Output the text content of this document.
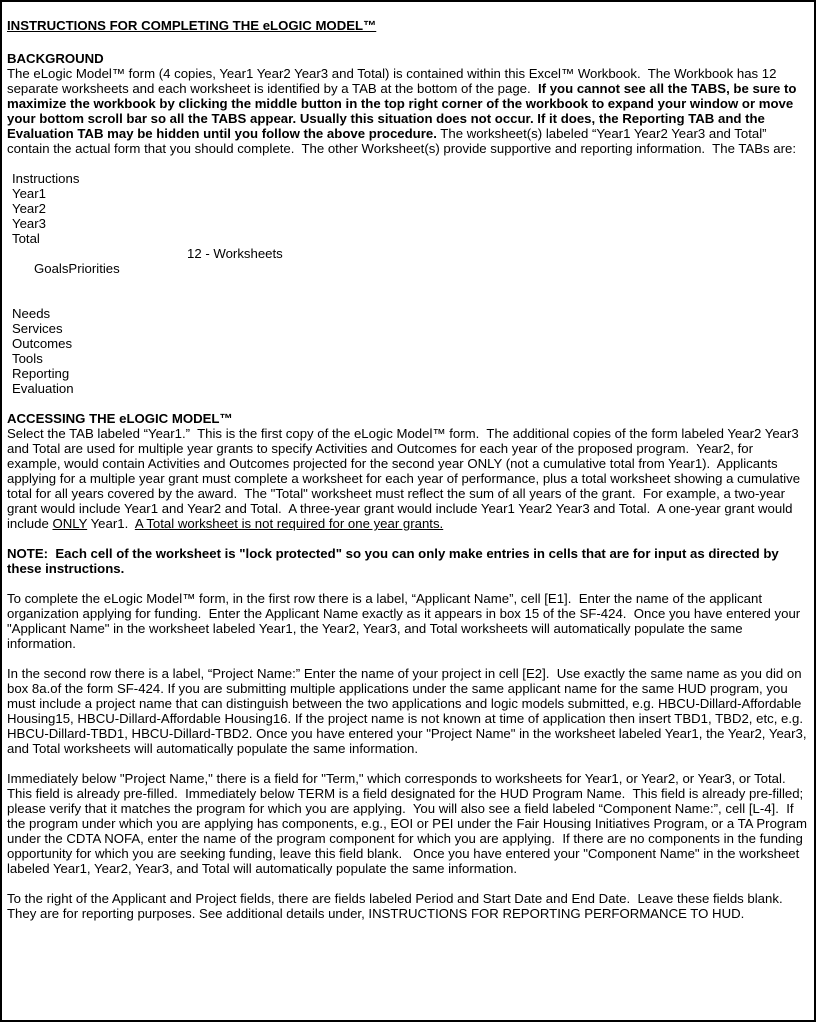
INSTRUCTIONS FOR COMPLETING THE eLOGIC MODEL™
BACKGROUND

The eLogic Model™ form (4 copies, Year1 Year2 Year3 and Total) is contained within this Excel™ Workbook.  The Workbook has 12 separate worksheets and each worksheet is identified by a TAB at the bottom of the page.  If you cannot see all the TABS, be sure to maximize the workbook by clicking the middle button in the top right corner of the workbook to expand your window or move your bottom scroll bar so all the TABS appear. Usually this situation does not occur. If it does, the Reporting TAB and the Evaluation TAB may be hidden until you follow the above procedure. The worksheet(s) labeled “Year1 Year2 Year3 and Total” contain the actual form that you should complete.  The other Worksheet(s) provide supportive and reporting information.  The TABs are:

Instructions
Year1
Year2
Year3
Total

GoalsPriorities

12 - Worksheets

Needs
Services
Outcomes
Tools
Reporting
Evaluation
ACCESSING THE eLOGIC MODEL™

Select the TAB labeled “Year1.”  This is the first copy of the eLogic Model™ form.  The additional copies of the form labeled Year2 Year3 and Total are used for multiple year grants to specify Activities and Outcomes for each year of the proposed program.  Year2, for example, would contain Activities and Outcomes projected for the second year ONLY (not a cumulative total from Year1).  Applicants applying for a multiple year grant must complete a worksheet for each year of performance, plus a total worksheet showing a cumulative total for all years covered by the award.  The "Total" worksheet must reflect the sum of all years of the grant.  For example, a two-year grant would include Year1 and Year2 and Total.  A three-year grant would include Year1 Year2 Year3 and Total.  A one-year grant would include ONLY Year1.  A Total worksheet is not required for one year grants.

NOTE:  Each cell of the worksheet is "lock protected" so you can only make entries in cells that are for input as directed by these instructions.

To complete the eLogic Model™ form, in the first row there is a label, “Applicant Name”, cell [E1].  Enter the name of the applicant organization applying for funding.  Enter the Applicant Name exactly as it appears in box 15 of the SF-424.  Once you have entered your "Applicant Name" in the worksheet labeled Year1, the Year2, Year3, and Total worksheets will automatically populate the same information.

In the second row there is a label, “Project Name:” Enter the name of your project in cell [E2].  Use exactly the same name as you did on box 8a.of the form SF-424. If you are submitting multiple applications under the same applicant name for the same HUD program, you must include a project name that can distinguish between the two applications and logic models submitted, e.g. HBCU-Dillard-Affordable Housing15, HBCU-Dillard-Affordable Housing16. If the project name is not known at time of application then insert TBD1, TBD2, etc, e.g. HBCU-Dillard-TBD1, HBCU-Dillard-TBD2. Once you have entered your "Project Name" in the worksheet labeled Year1, the Year2, Year3, and Total worksheets will automatically populate the same information.

Immediately below "Project Name," there is a field for "Term," which corresponds to worksheets for Year1, or Year2, or Year3, or Total.  This field is already pre-filled.  Immediately below TERM is a field designated for the HUD Program Name.  This field is already pre-filled; please verify that it matches the program for which you are applying.  You will also see a field labeled “Component Name:”, cell [L-4].  If the program under which you are applying has components, e.g., EOI or PEI under the Fair Housing Initiatives Program, or a TA Program under the CDTA NOFA, enter the name of the program component for which you are applying.  If there are no components in the funding opportunity for which you are seeking funding, leave this field blank.   Once you have entered your "Component Name" in the worksheet labeled Year1, Year2, Year3, and Total will automatically populate the same information.

To the right of the Applicant and Project fields, there are fields labeled Period and Start Date and End Date.  Leave these fields blank. They are for reporting purposes. See additional details under, INSTRUCTIONS FOR REPORTING PERFORMANCE TO HUD.
